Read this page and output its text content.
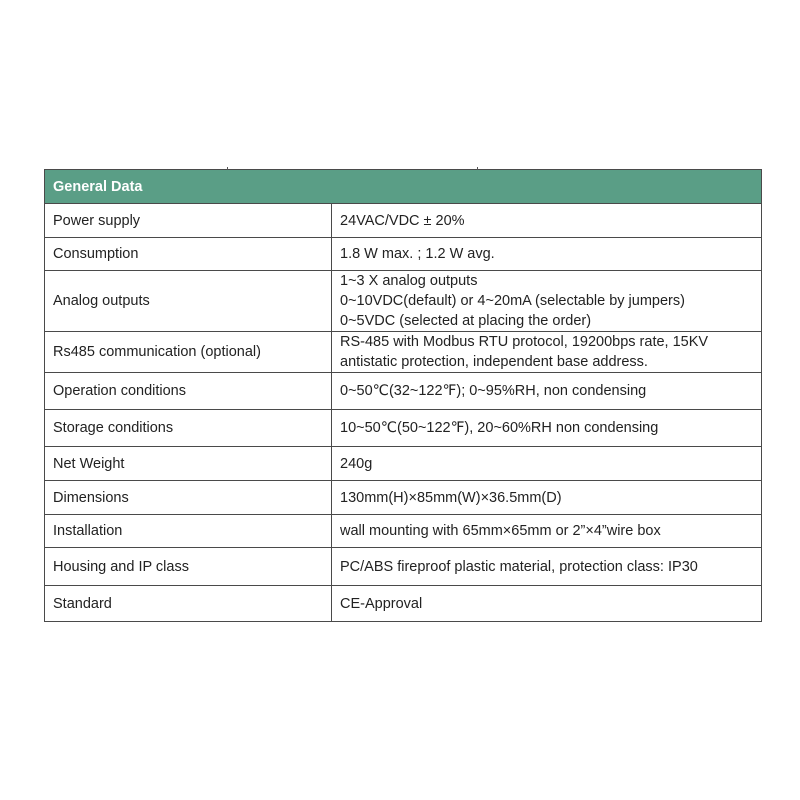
General Data	
Power supply	24VAC/VDC ± 20%
Consumption	1.8 W max. ; 1.2 W avg.
Analog outputs	1~3 X analog outputs
0~10VDC(default) or 4~20mA (selectable by jumpers)
0~5VDC (selected at placing the order)

Rs485 communication (optional)	RS-485 with Modbus RTU protocol, 19200bps rate, 15KV
antistatic protection, independent base address.

Operation conditions	0~50℃(32~122℉); 0~95%RH, non condensing
Storage conditions	10~50℃(50~122℉), 20~60%RH non condensing
Net Weight	240g
Dimensions	130mm(H)×85mm(W)×36.5mm(D)
Installation	wall mounting with 65mm×65mm or 2”×4”wire box
Housing and IP class	PC/ABS fireproof plastic material, protection class: IP30
Standard	CE-Approval
